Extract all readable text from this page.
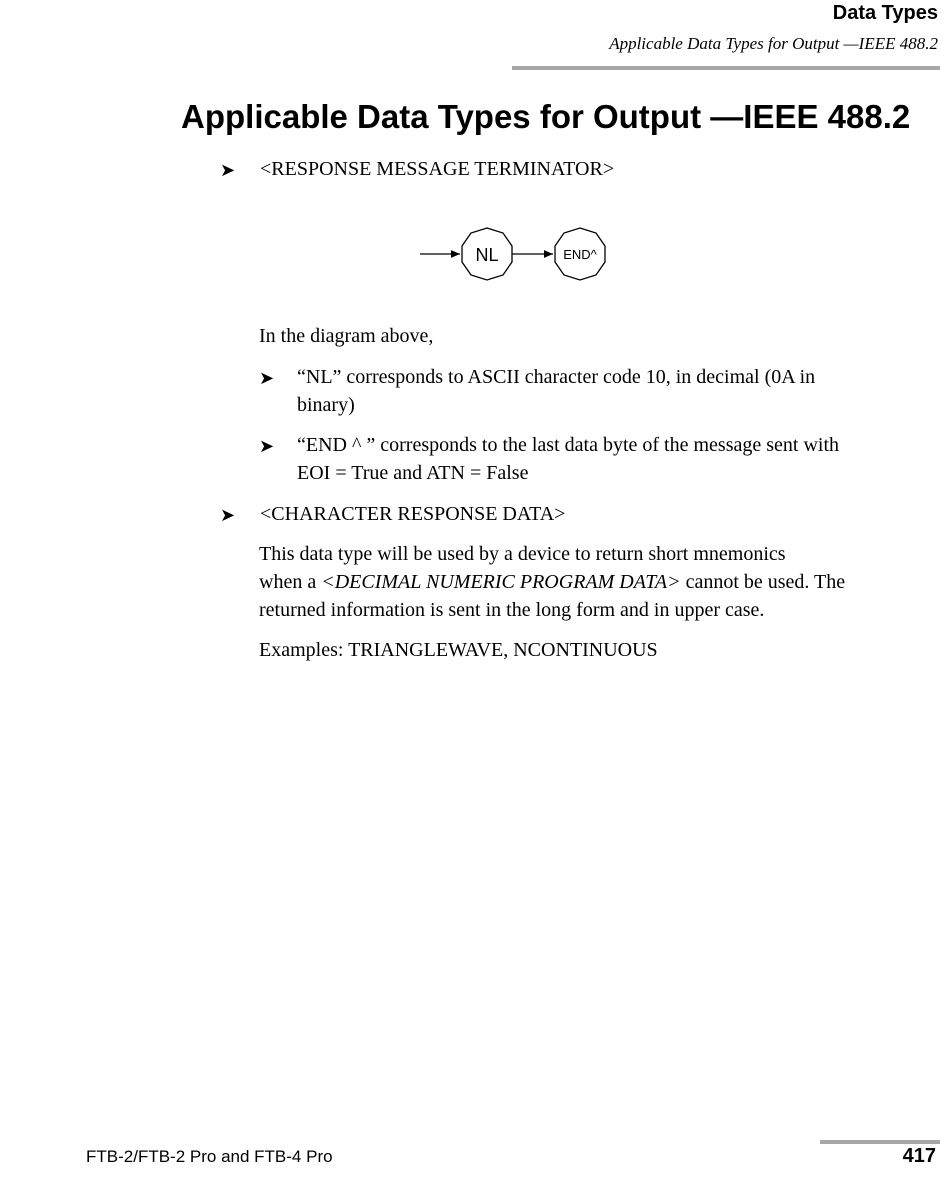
Data Types
Applicable Data Types for Output —IEEE 488.2
Applicable Data Types for Output —IEEE 488.2
➤ <RESPONSE MESSAGE TERMINATOR>
NL	END^
In the diagram above,
➤ “NL” corresponds to ASCII character code 10, in decimal (0A in
binary)
➤ “END ^ ” corresponds to the last data byte of the message sent with
EOI = True and ATN = False
➤ <CHARACTER RESPONSE DATA>
This data type will be used by a device to return short mnemonics
when a <DECIMAL NUMERIC PROGRAM DATA> cannot be used. The
returned information is sent in the long form and in upper case.
Examples: TRIANGLEWAVE, NCONTINUOUS
FTB-2/FTB-2 Pro and FTB-4 Pro	417
